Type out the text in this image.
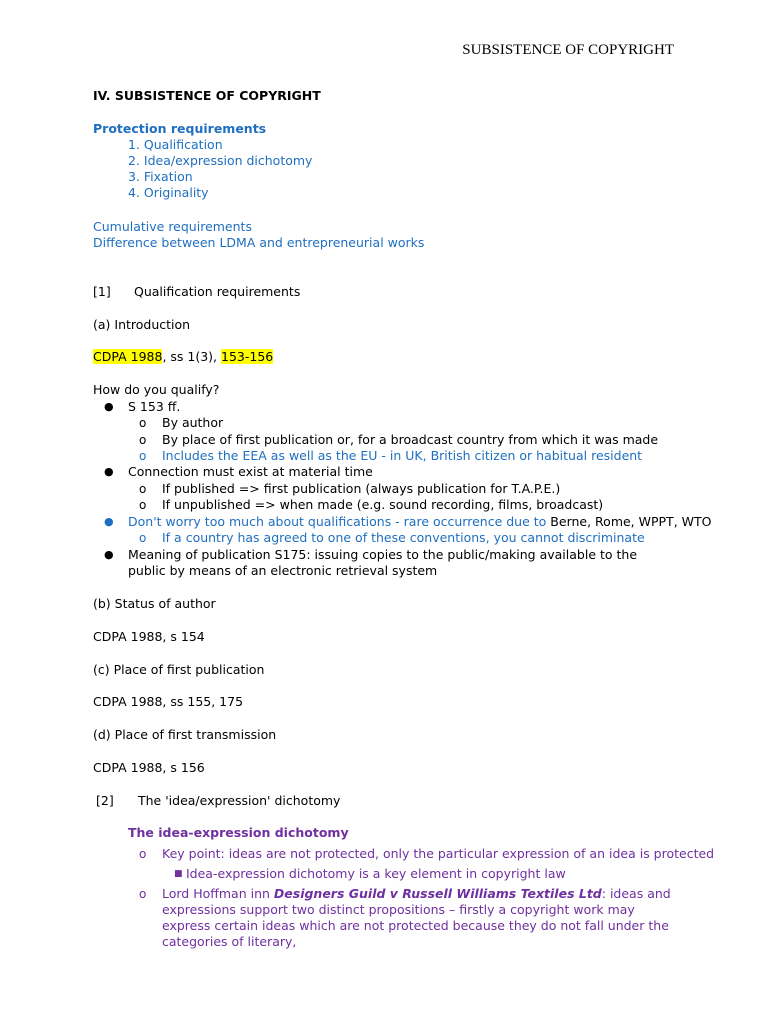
SUBSISTENCE OF COPYRIGHT
IV. SUBSISTENCE OF COPYRIGHT
Protection requirements
1. Qualification
2. Idea/expression dichotomy
3. Fixation
4. Originality
Cumulative requirements
Difference between LDMA and entrepreneurial works
[1] Qualification requirements
(a) Introduction
CDPA 1988, ss 1(3), 153-156
How do you qualify?
● S 153 ff.
o By author
o By place of first publication or, for a broadcast country from which it was made
o Includes the EEA as well as the EU - in UK, British citizen or habitual resident
● Connection must exist at material time
o If published => first publication (always publication for T.A.P.E.)
o If unpublished => when made (e.g. sound recording, films, broadcast)
● Don't worry too much about qualifications - rare occurrence due to Berne, Rome, WPPT, WTO
o If a country has agreed to one of these conventions, you cannot discriminate
● Meaning of publication S175: issuing copies to the public/making available to the public by means of an electronic retrieval system
(b) Status of author
CDPA 1988, s 154
(c) Place of first publication
CDPA 1988, ss 155, 175
(d) Place of first transmission
CDPA 1988, s 156
[2] The 'idea/expression' dichotomy
The idea-expression dichotomy
o Key point: ideas are not protected, only the particular expression of an idea is protected
■ Idea-expression dichotomy is a key element in copyright law
o Lord Hoffman inn Designers Guild v Russell Williams Textiles Ltd: ideas and expressions support two distinct propositions – firstly a copyright work may express certain ideas which are not protected because they do not fall under the categories of literary,
